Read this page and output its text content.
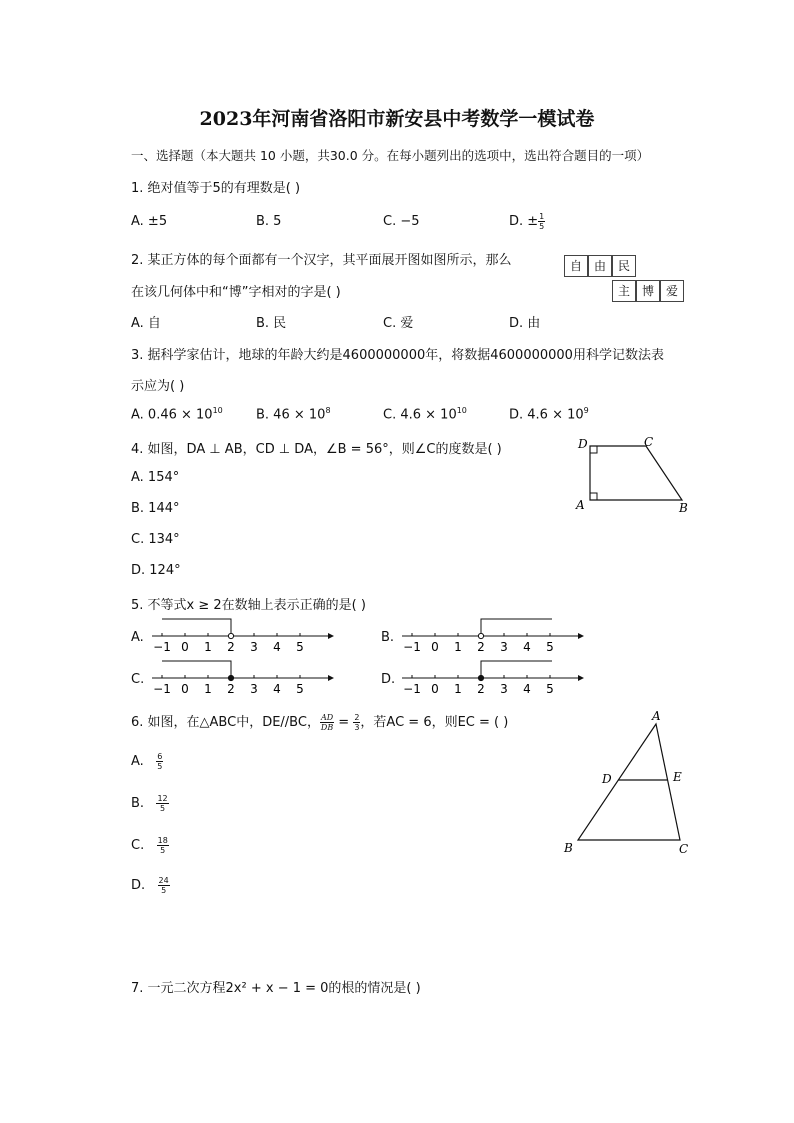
2023年河南省洛阳市新安县中考数学一模试卷
一、选择题（本大题共 10 小题，共30.0 分。在每小题列出的选项中，选出符合题目的一项）
1. 绝对值等于5的有理数是( )
A. ±5	B. 5	C. −5	D. ± $\frac{1}{5}$
2. 某正方体的每个面都有一个汉字，其平面展开图如图所示，那么
在该几何体中和“博”字相对的字是( )
自 由 民
主 博 爱
A. 自	B. 民	C. 爱	D. 由
3. 据科学家估计，地球的年龄大约是4600000000年，将数据4600000000用科学记数法表
示应为( )
A. $0.46 \times 10^{10}$	B. $46 \times 10^8$	C. $4.6 \times 10^{10}$	D. $4.6 \times 10^9$
4. 如图，DA ⊥ AB，CD ⊥ DA，∠B = 56°，则∠C的度数是( )
A. 154°
B. 144°
C. 134°
D. 124°
D	C
A	B
5. 不等式x ≥ 2在数轴上表示正确的是( )
A.
−1 0 1 2 3 4 5
B.
−1 0 1 2 3 4 5
C.
−1 0 1 2 3 4 5
D.
−1 0 1 2 3 4 5
6. 如图，在△ABC中，DE//BC， $\frac{AD}{DB} = \frac{2}{3}$ ，若AC = 6，则EC = ( )
A. $\frac{6}{5}$
B. $\frac{12}{5}$
C. $\frac{18}{5}$
D. $\frac{24}{5}$
A
D	E
B	C
7. 一元二次方程2x² + x − 1 = 0的根的情况是( )
